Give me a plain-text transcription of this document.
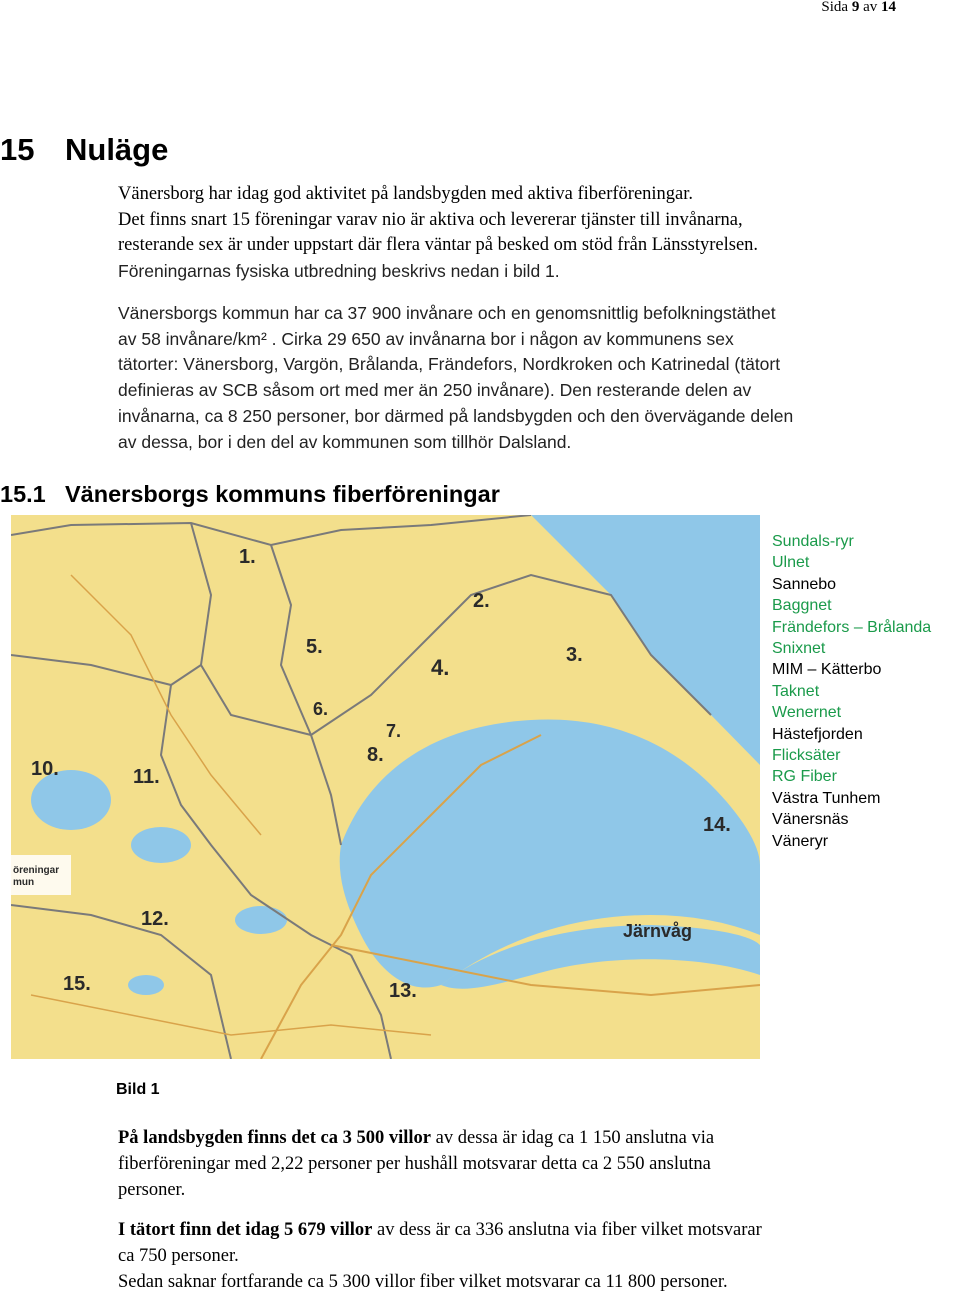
Sida 9 av 14
15 Nuläge
Vänersborg har idag god aktivitet på landsbygden med aktiva fiberföreningar.
Det finns snart 15 föreningar varav nio är aktiva och levererar tjänster till invånarna,
resterande sex är under uppstart där flera väntar på besked om stöd från Länsstyrelsen.
Föreningarnas fysiska utbredning beskrivs nedan i bild 1.
Vänersborgs kommun har ca 37 900 invånare och en genomsnittlig befolkningstäthet
av 58 invånare/km² . Cirka 29 650 av invånarna bor i någon av kommunens sex
tätorter: Vänersborg, Vargön, Brålanda, Frändefors, Nordkroken och Katrinedal (tätort
definieras av SCB såsom ort med mer än 250 invånare). Den resterande delen av
invånarna, ca 8 250 personer, bor därmed på landsbygden och den övervägande delen
av dessa, bor i den del av kommunen som tillhör Dalsland.
15.1 Vänersborgs kommuns fiberföreningar
1.
2.
3.
4.
5.
6.
7.
8.
10.	11.
12.
13.
14.
15.
Järnvåg
öreningar
mun
Sundals-ryr
Ulnet
Sannebo
Baggnet
Frändefors – Brålanda
Snixnet
MIM – Kätterbo
Taknet
Wenernet
Hästefjorden
Flicksäter
RG Fiber
Västra Tunhem
Vänersnäs
Väneryr
Bild 1
På landsbygden finns det ca 3 500 villor av dessa är idag ca 1 150 anslutna via
fiberföreningar med 2,22 personer per hushåll motsvarar detta ca 2 550 anslutna
personer.
I tätort finn det idag 5 679 villor av dess är ca 336 anslutna via fiber vilket motsvarar
ca 750 personer.
Sedan saknar fortfarande ca 5 300 villor fiber vilket motsvarar ca 11 800 personer.
